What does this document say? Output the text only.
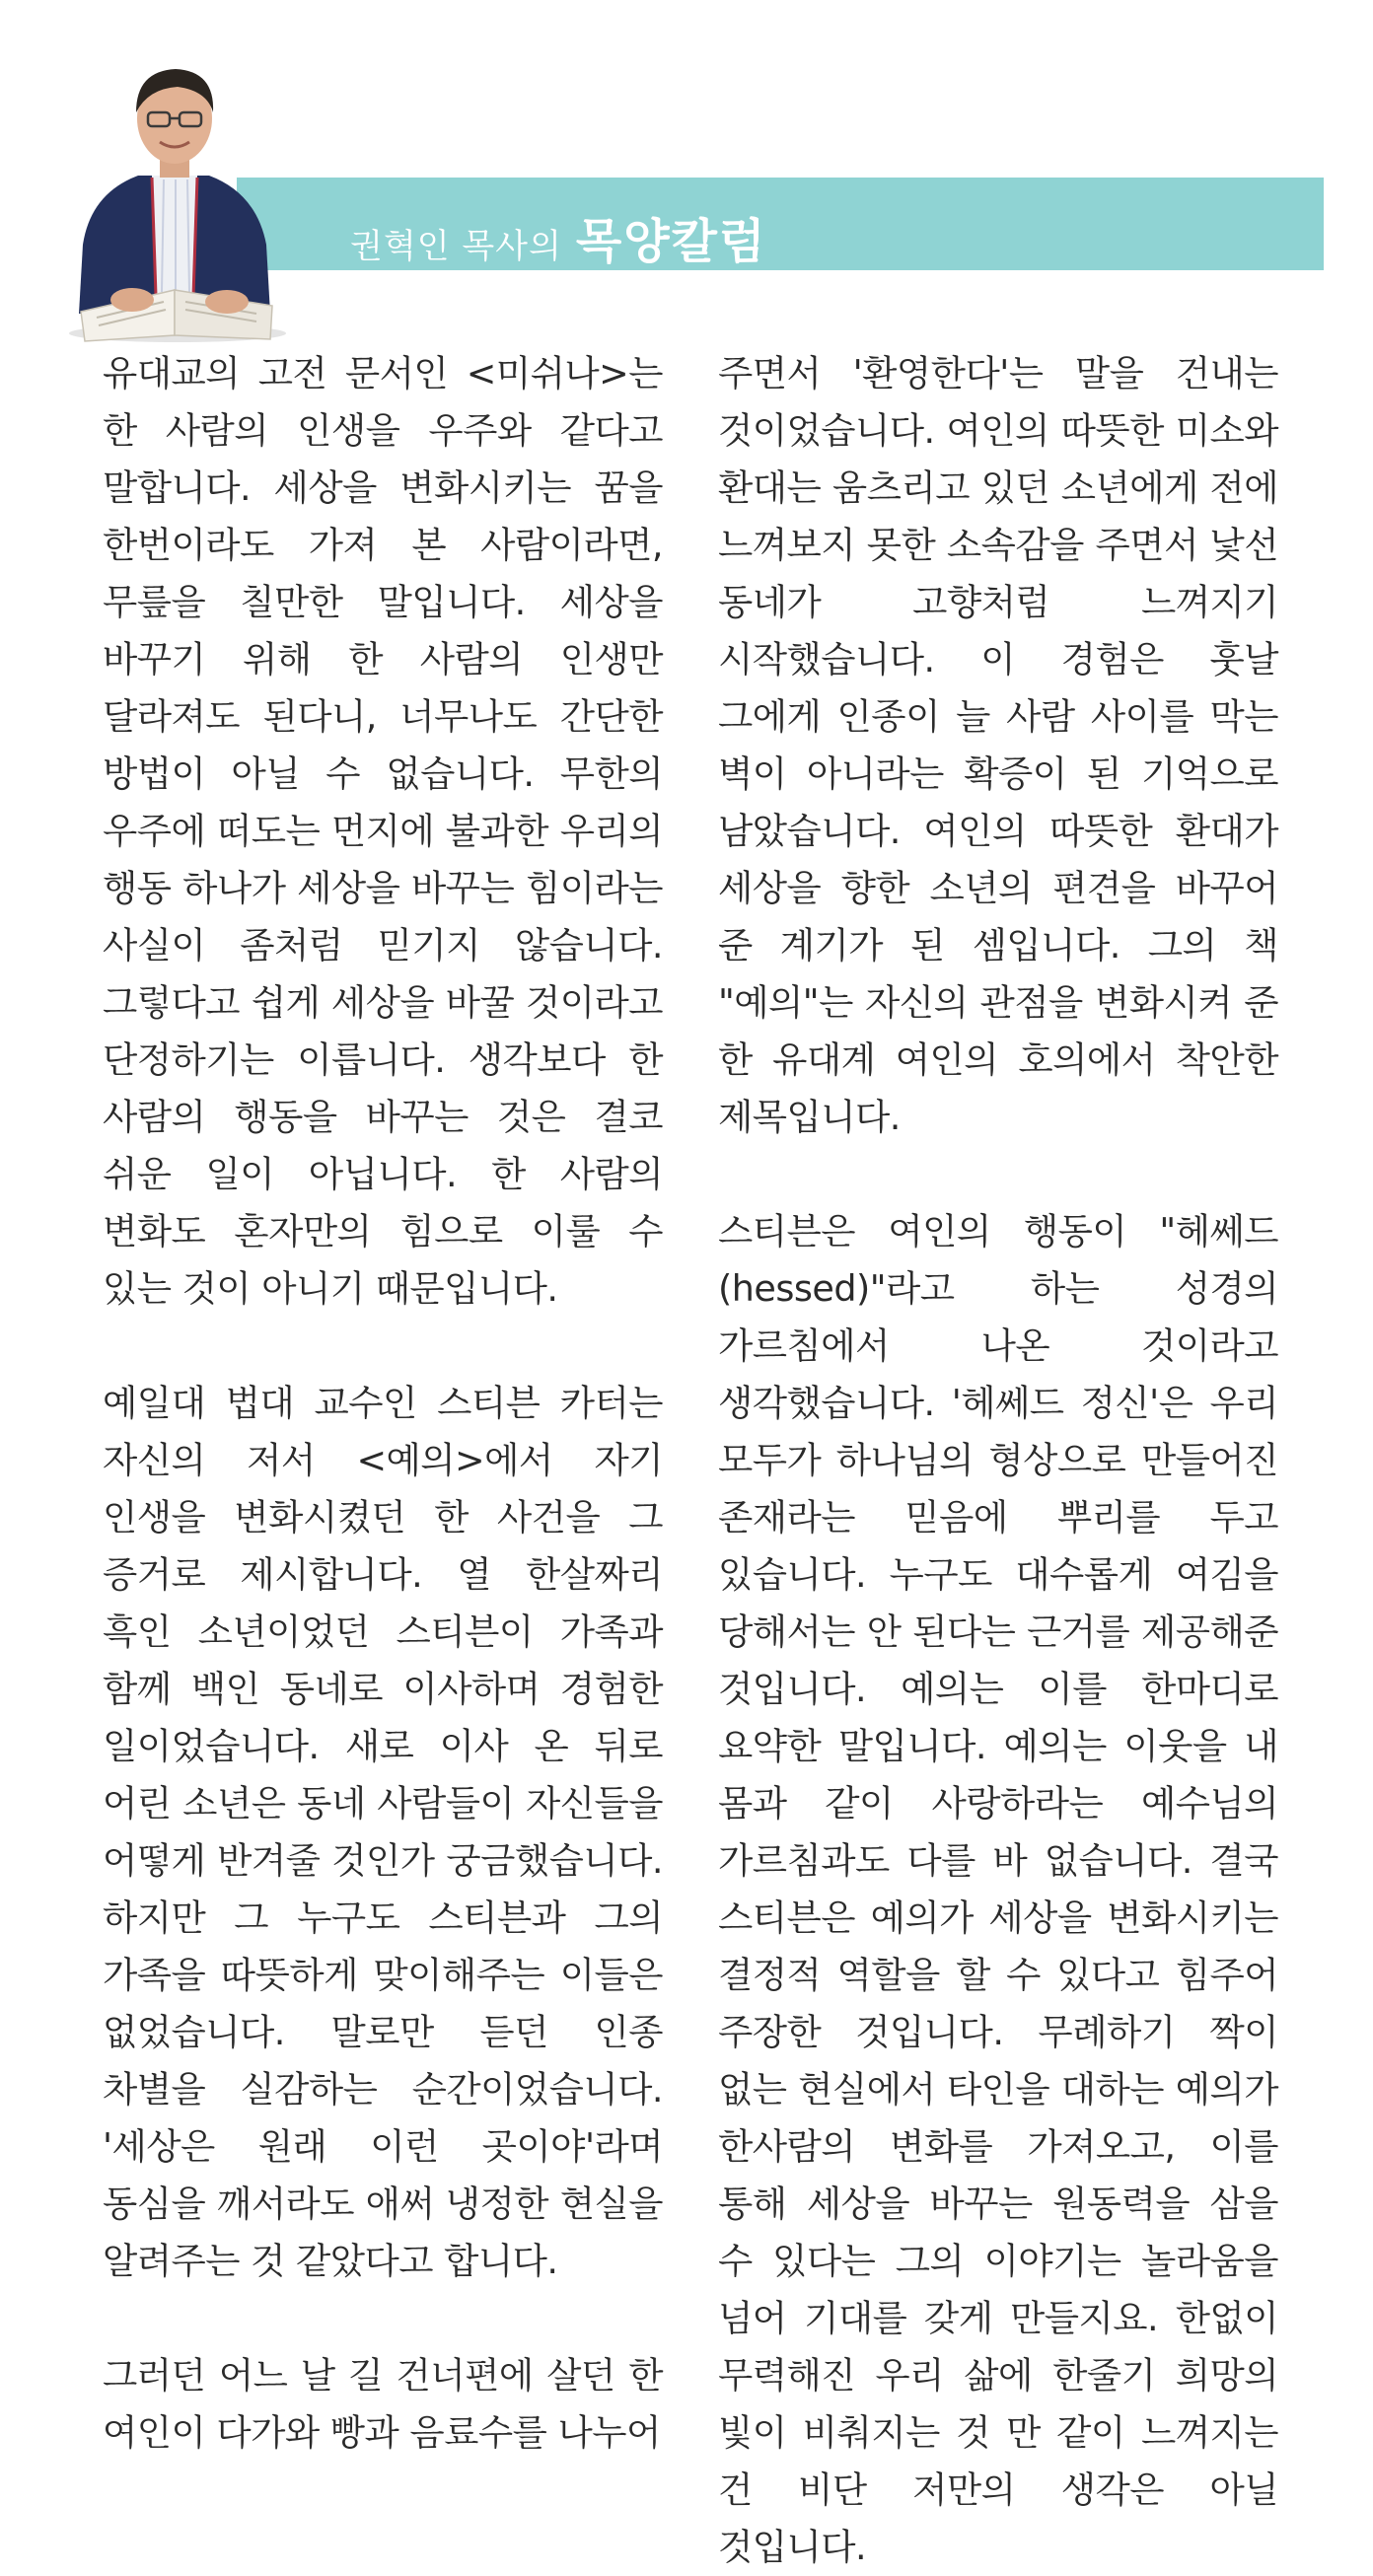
권혁인 목사의 목양칼럼

유대교의 고전 문서인 <미쉬나>는 한 사람의 인생을 우주와 같다고 말합니다. 세상을 변화시키는 꿈을 한번이라도 가져 본 사람이라면, 무릎을 칠만한 말입니다. 세상을 바꾸기 위해 한 사람의 인생만 달라져도 된다니, 너무나도 간단한 방법이 아닐 수 없습니다. 무한의 우주에 떠도는 먼지에 불과한 우리의 행동 하나가 세상을 바꾸는 힘이라는 사실이 좀처럼 믿기지 않습니다. 그렇다고 쉽게 세상을 바꿀 것이라고 단정하기는 이릅니다. 생각보다 한 사람의 행동을 바꾸는 것은 결코 쉬운 일이 아닙니다. 한 사람의 변화도 혼자만의 힘으로 이룰 수 있는 것이 아니기 때문입니다.

예일대 법대 교수인 스티븐 카터는 자신의 저서 <예의>에서 자기 인생을 변화시켰던 한 사건을 그 증거로 제시합니다. 열 한살짜리 흑인 소년이었던 스티븐이 가족과 함께 백인 동네로 이사하며 경험한 일이었습니다. 새로 이사 온 뒤로 어린 소년은 동네 사람들이 자신들을 어떻게 반겨줄 것인가 궁금했습니다. 하지만 그 누구도 스티븐과 그의 가족을 따뜻하게 맞이해주는 이들은 없었습니다. 말로만 듣던 인종 차별을 실감하는 순간이었습니다. '세상은 원래 이런 곳이야'라며 동심을 깨서라도 애써 냉정한 현실을 알려주는 것 같았다고 합니다.

그러던 어느 날 길 건너편에 살던 한 여인이 다가와 빵과 음료수를 나누어

주면서 '환영한다'는 말을 건내는 것이었습니다. 여인의 따뜻한 미소와 환대는 움츠리고 있던 소년에게 전에 느껴보지 못한 소속감을 주면서 낯선 동네가 고향처럼 느껴지기 시작했습니다. 이 경험은 훗날 그에게 인종이 늘 사람 사이를 막는 벽이 아니라는 확증이 된 기억으로 남았습니다. 여인의 따뜻한 환대가 세상을 향한 소년의 편견을 바꾸어 준 계기가 된 셈입니다. 그의 책 "예의"는 자신의 관점을 변화시켜 준 한 유대계 여인의 호의에서 착안한 제목입니다.

스티븐은 여인의 행동이 "헤쎄드(hessed)"라고 하는 성경의 가르침에서 나온 것이라고 생각했습니다. '헤쎄드 정신'은 우리 모두가 하나님의 형상으로 만들어진 존재라는 믿음에 뿌리를 두고 있습니다. 누구도 대수롭게 여김을 당해서는 안 된다는 근거를 제공해준 것입니다. 예의는 이를 한마디로 요약한 말입니다. 예의는 이웃을 내 몸과 같이 사랑하라는 예수님의 가르침과도 다를 바 없습니다. 결국 스티븐은 예의가 세상을 변화시키는 결정적 역할을 할 수 있다고 힘주어 주장한 것입니다. 무례하기 짝이 없는 현실에서 타인을 대하는 예의가 한사람의 변화를 가져오고, 이를 통해 세상을 바꾸는 원동력을 삼을 수 있다는 그의 이야기는 놀라움을 넘어 기대를 갖게 만들지요. 한없이 무력해진 우리 삶에 한줄기 희망의 빛이 비춰지는 것 만 같이 느껴지는 건 비단 저만의 생각은 아닐 것입니다.
